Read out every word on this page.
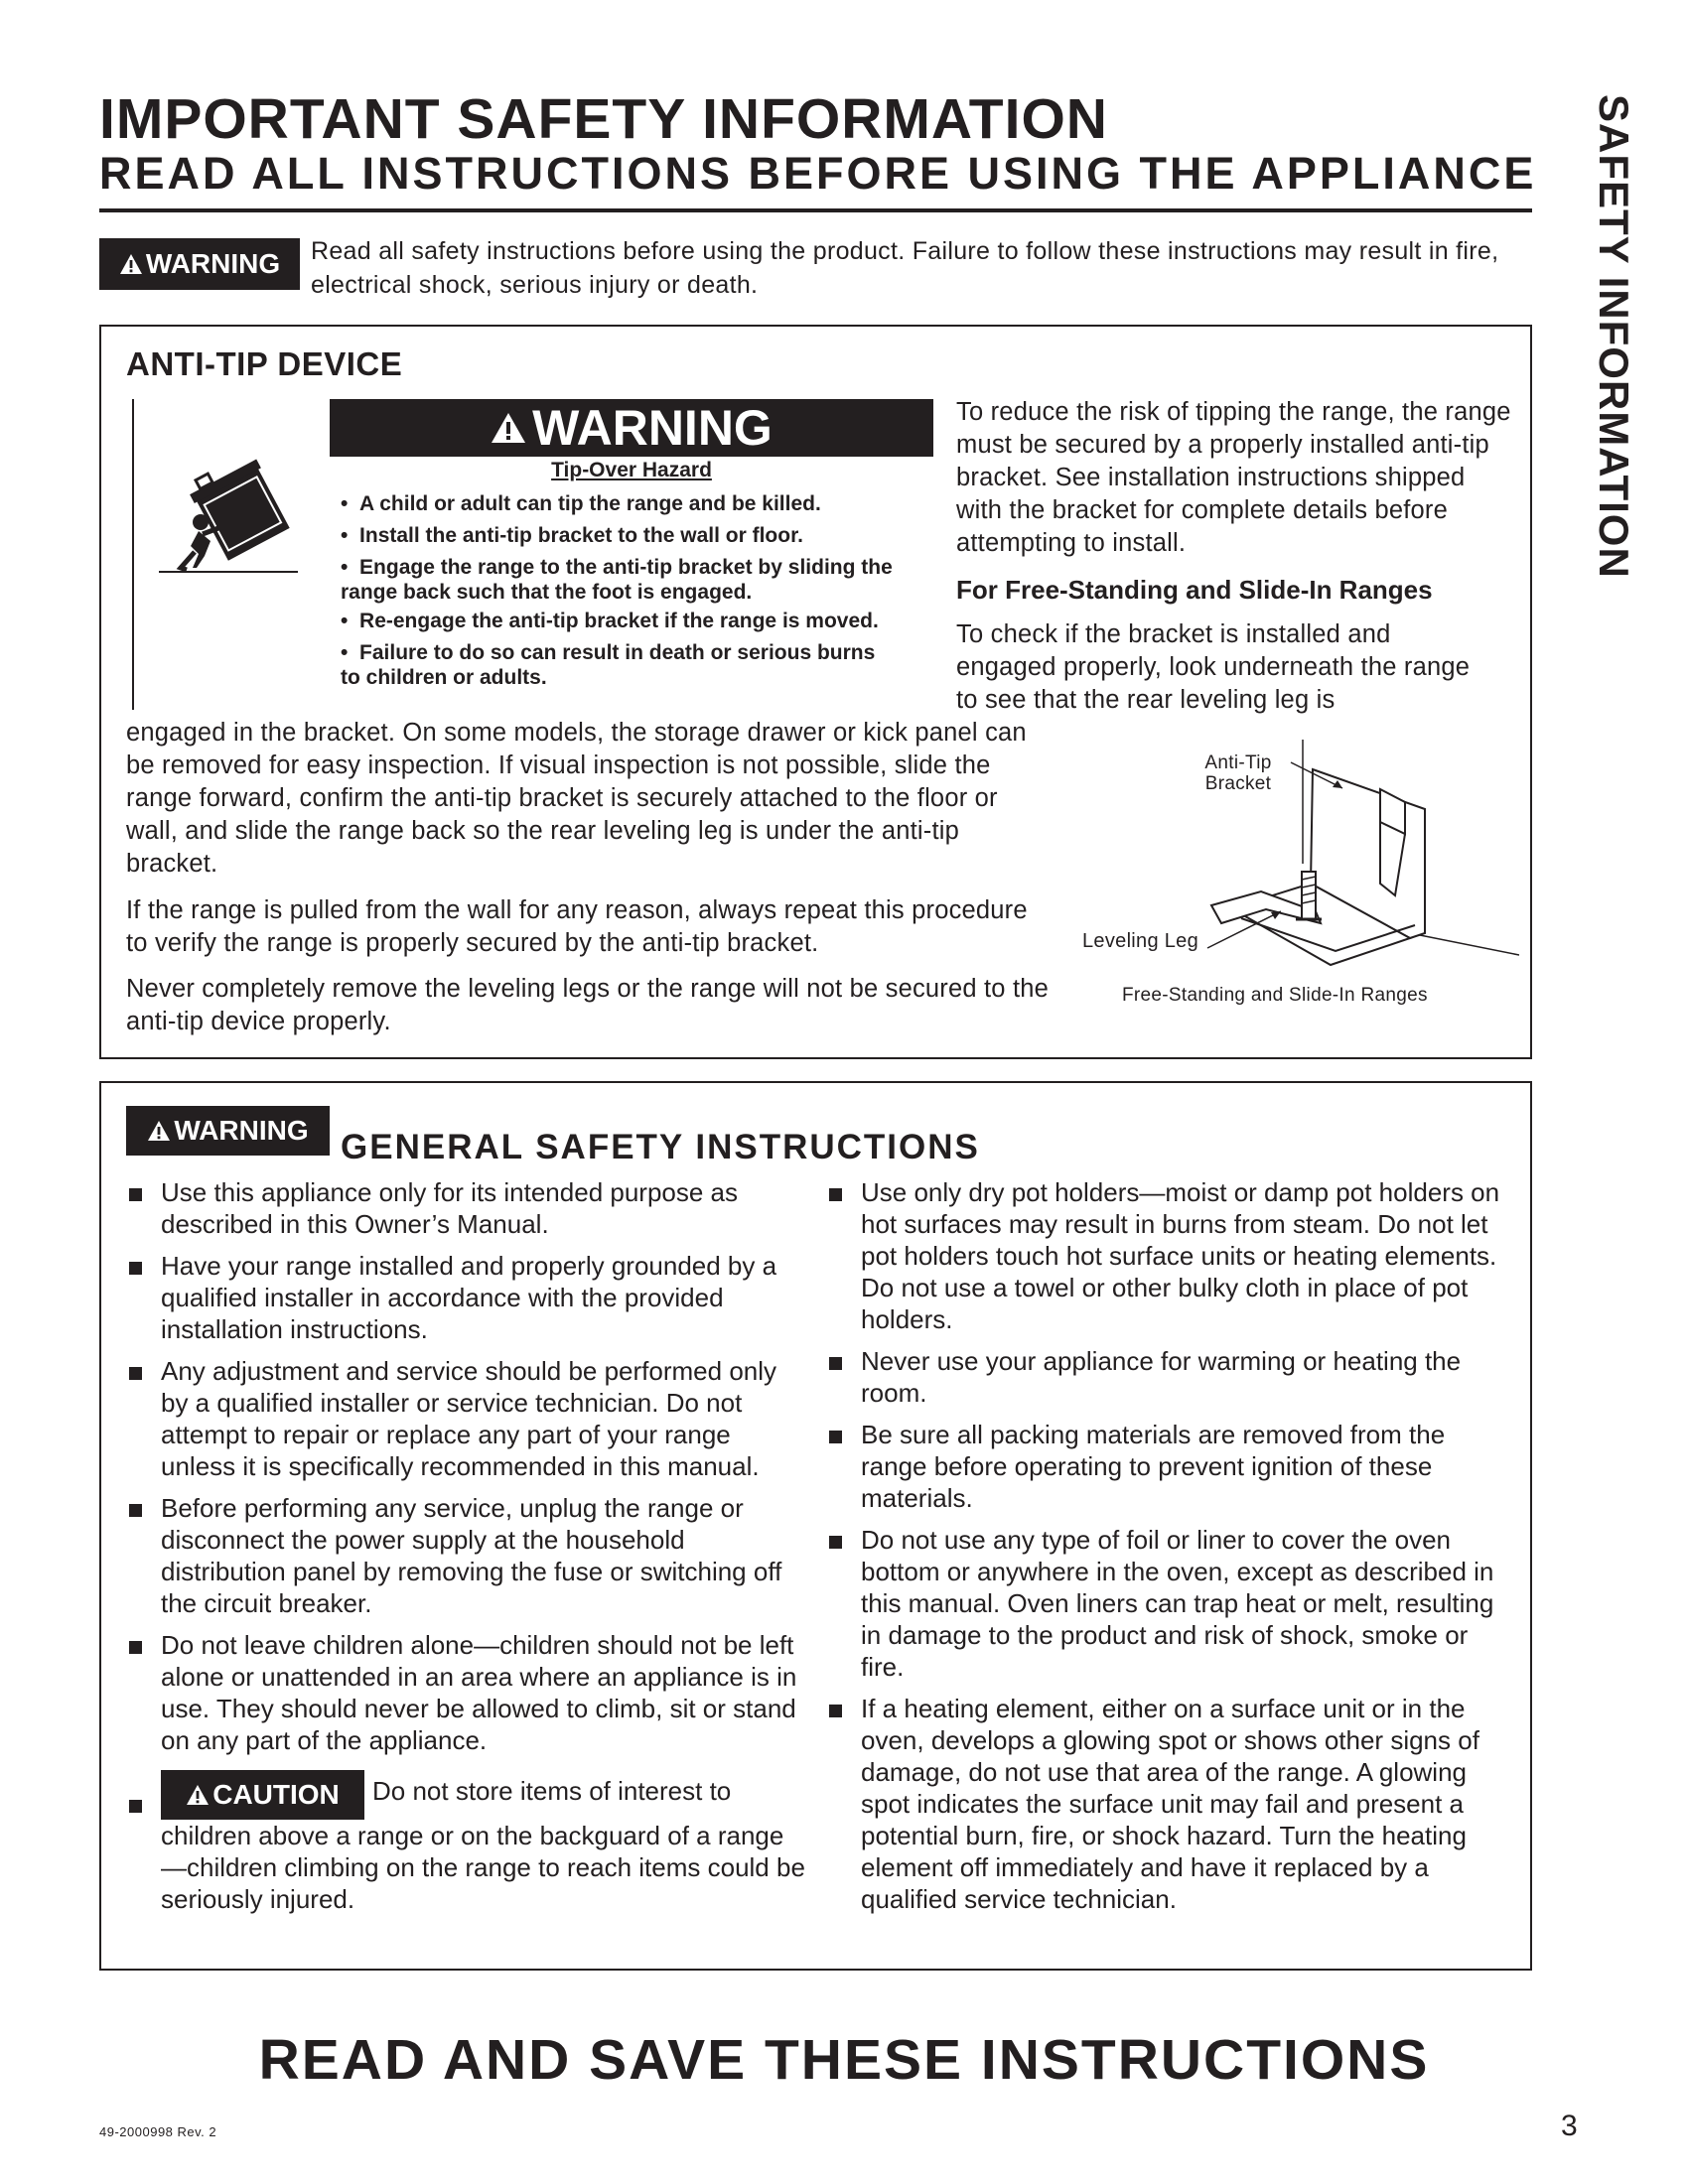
IMPORTANT SAFETY INFORMATION
READ ALL INSTRUCTIONS BEFORE USING THE APPLIANCE SAFETY INFORMATION
WARNING Read all safety instructions before using the product. Failure to follow these instructions may result in fire, electrical shock, serious injury or death.
ANTI-TIP DEVICE
WARNING
Tip-Over Hazard
•  A child or adult can tip the range and be killed.
•  Install the anti-tip bracket to the wall or floor.
•  Engage the range to the anti-tip bracket by sliding the
range back such that the foot is engaged.
•  Re-engage the anti-tip bracket if the range is moved.
•  Failure to do so can result in death or serious burns
to children or adults.
To reduce the risk of tipping the range, the range must be secured by a properly installed anti-tip bracket. See installation instructions shipped with the bracket for complete details before attempting to install.
For Free-Standing and Slide-In Ranges
To check if the bracket is installed and engaged properly, look underneath the range to see that the rear leveling leg is
engaged in the bracket. On some models, the storage drawer or kick panel can be removed for easy inspection. If visual inspection is not possible, slide the range forward, confirm the anti-tip bracket is securely attached to the floor or wall, and slide the range back so the rear leveling leg is under the anti-tip bracket.
If the range is pulled from the wall for any reason, always repeat this procedure to verify the range is properly secured by the anti-tip bracket.
Never completely remove the leveling legs or the range will not be secured to the anti-tip device properly.
Anti-Tip
Bracket
Leveling Leg
Free-Standing and Slide-In Ranges
WARNING GENERAL SAFETY INSTRUCTIONS
Use this appliance only for its intended purpose as described in this Owner’s Manual.
Have your range installed and properly grounded by a qualified installer in accordance with the provided installation instructions.
Any adjustment and service should be performed only by a qualified installer or service technician. Do not attempt to repair or replace any part of your range unless it is specifically recommended in this manual.
Before performing any service, unplug the range or disconnect the power supply at the household distribution panel by removing the fuse or switching off the circuit breaker.
Do not leave children alone—children should not be left alone or unattended in an area where an appliance is in use. They should never be allowed to climb, sit or stand on any part of the appliance.
CAUTION Do not store items of interest to children above a range or on the backguard of a range—children climbing on the range to reach items could be seriously injured.
Use only dry pot holders—moist or damp pot holders on hot surfaces may result in burns from steam. Do not let pot holders touch hot surface units or heating elements. Do not use a towel or other bulky cloth in place of pot holders.
Never use your appliance for warming or heating the room.
Be sure all packing materials are removed from the range before operating to prevent ignition of these materials.
Do not use any type of foil or liner to cover the oven bottom or anywhere in the oven, except as described in this manual. Oven liners can trap heat or melt, resulting in damage to the product and risk of shock, smoke or fire.
If a heating element, either on a surface unit or in the oven, develops a glowing spot or shows other signs of damage, do not use that area of the range. A glowing spot indicates the surface unit may fail and present a potential burn, fire, or shock hazard. Turn the heating element off immediately and have it replaced by a qualified service technician.
READ AND SAVE THESE INSTRUCTIONS
49-2000998 Rev. 2	3
